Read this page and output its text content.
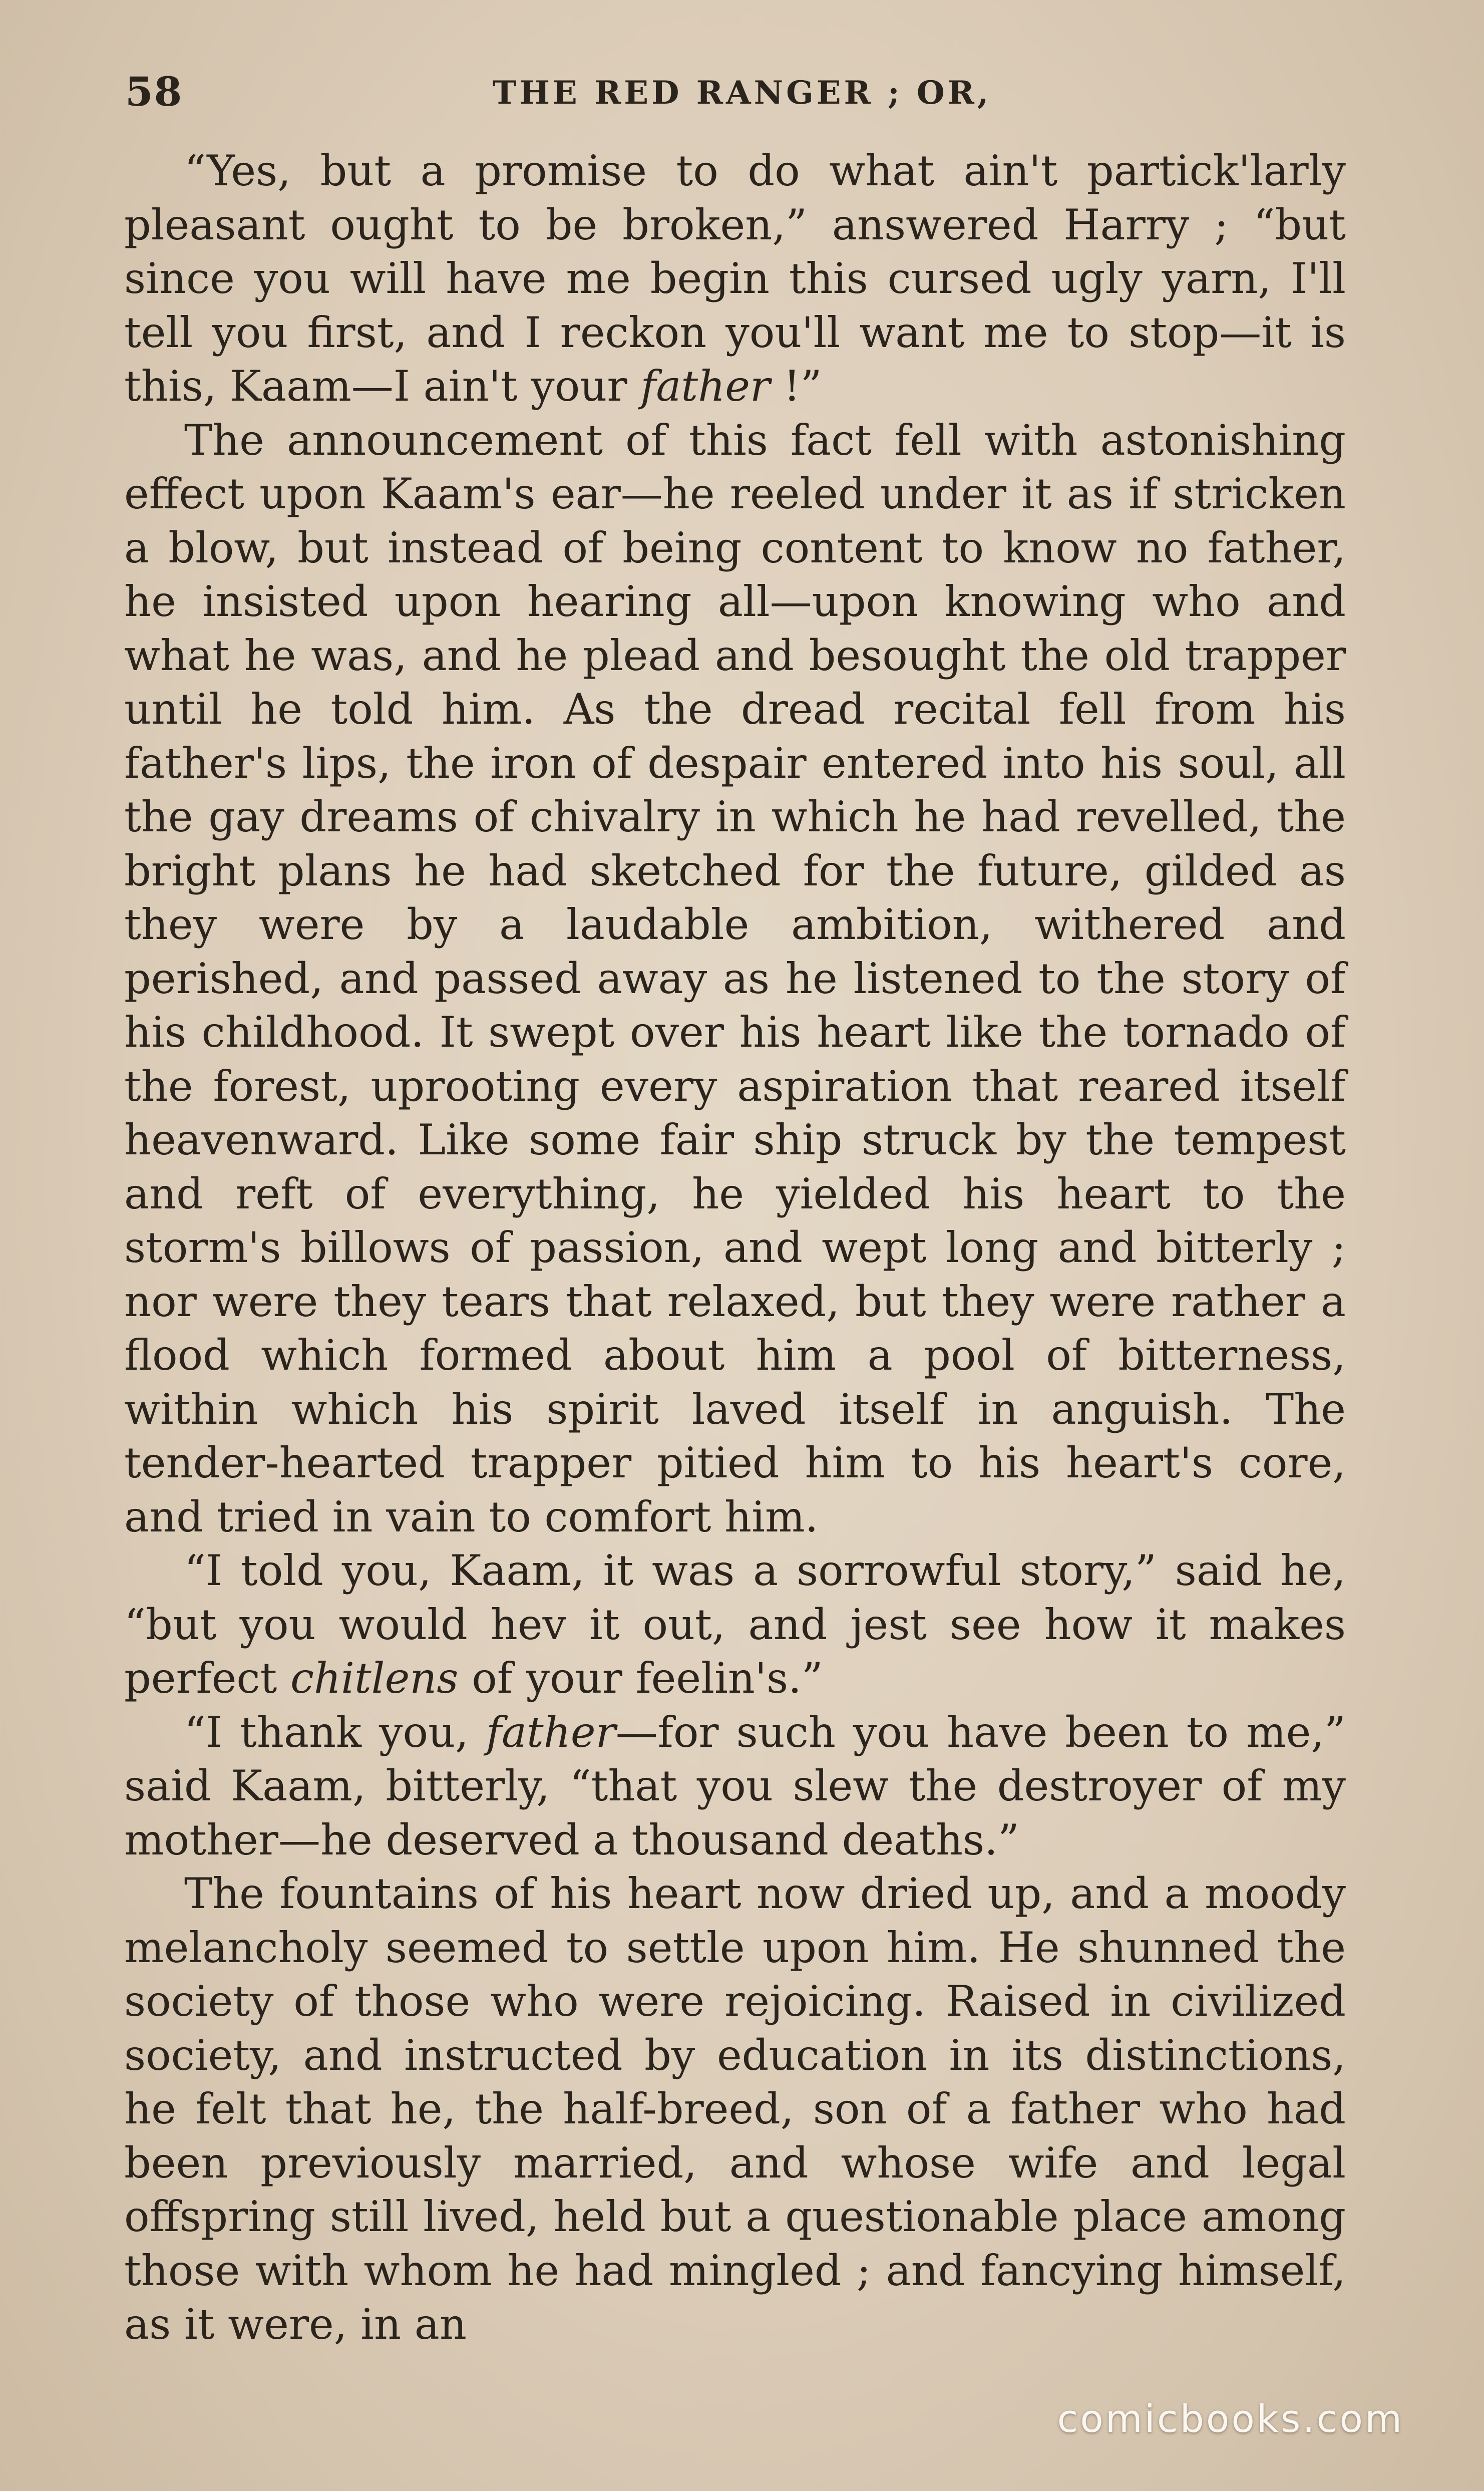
58	THE RED RANGER ; OR,

“Yes, but a promise to do what ain't partick'larly pleasant ought to be broken,” answered Harry ; “but since you will have me begin this cursed ugly yarn, I'll tell you first, and I reckon you'll want me to stop—it is this, Kaam—I ain't your father !”

The announcement of this fact fell with astonishing effect upon Kaam's ear—he reeled under it as if stricken a blow, but instead of being content to know no father, he insisted upon hearing all—upon knowing who and what he was, and he plead and besought the old trapper until he told him. As the dread recital fell from his father's lips, the iron of despair entered into his soul, all the gay dreams of chivalry in which he had revelled, the bright plans he had sketched for the future, gilded as they were by a laudable ambition, withered and perished, and passed away as he listened to the story of his childhood. It swept over his heart like the tornado of the forest, uprooting every aspiration that reared itself heavenward. Like some fair ship struck by the tempest and reft of everything, he yielded his heart to the storm's billows of passion, and wept long and bitterly ; nor were they tears that relaxed, but they were rather a flood which formed about him a pool of bitterness, within which his spirit laved itself in anguish. The tender-hearted trapper pitied him to his heart's core, and tried in vain to comfort him.

“I told you, Kaam, it was a sorrowful story,” said he, “but you would hev it out, and jest see how it makes perfect chitlens of your feelin's.”

“I thank you, father—for such you have been to me,” said Kaam, bitterly, “that you slew the destroyer of my mother—he deserved a thousand deaths.”

The fountains of his heart now dried up, and a moody melancholy seemed to settle upon him. He shunned the society of those who were rejoicing. Raised in civilized society, and instructed by education in its distinctions, he felt that he, the half-breed, son of a father who had been previously married, and whose wife and legal offspring still lived, held but a questionable place among those with whom he had mingled ; and fancying himself, as it were, in an

comicbooks.com
